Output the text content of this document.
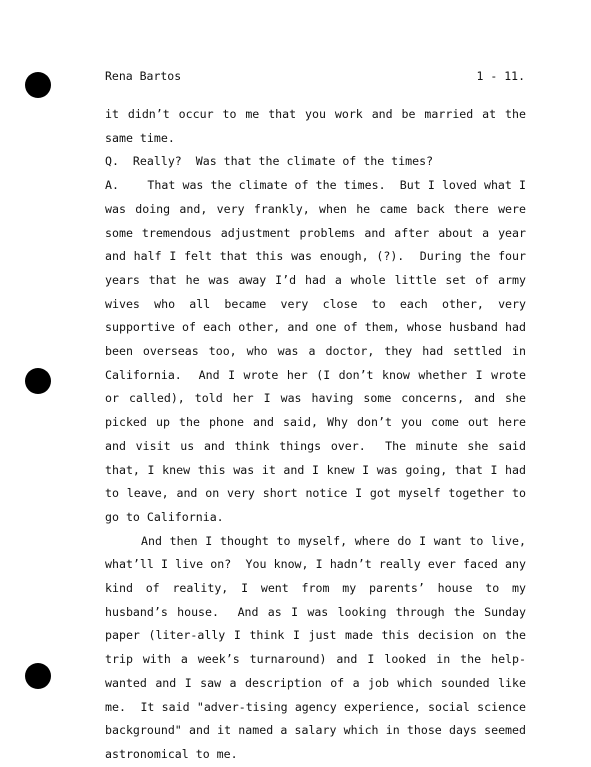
Rena Bartos	1 - 11.

it didn’t occur to me that you work and be married at the same time.

Q.  Really?  Was that the climate of the times?

A.    That was the climate of the times.  But I loved what I was doing and, very frankly, when he came back there were some tremendous adjustment problems and after about a year and half I felt that this was enough, (?).  During the four years that he was away I’d had a whole little set of army wives who all became very close to each other, very supportive of each other, and one of them, whose husband had been overseas too, who was a doctor, they had settled in California.  And I wrote her (I don’t know whether I wrote or called), told her I was having some concerns, and she picked up the phone and said, Why don’t you come out here and visit us and think things over.  The minute she said that, I knew this was it and I knew I was going, that I had to leave, and on very short notice I got myself together to go to California.

And then I thought to myself, where do I want to live, what’ll I live on?  You know, I hadn’t really ever faced any kind of reality, I went from my parents’ house to my husband’s house.  And as I was looking through the Sunday paper (liter-ally I think I just made this decision on the trip with a week’s turnaround) and I looked in the help-wanted and I saw a description of a job which sounded like me.  It said "adver-tising agency experience, social science background" and it named a salary which in those days seemed astronomical to me.
